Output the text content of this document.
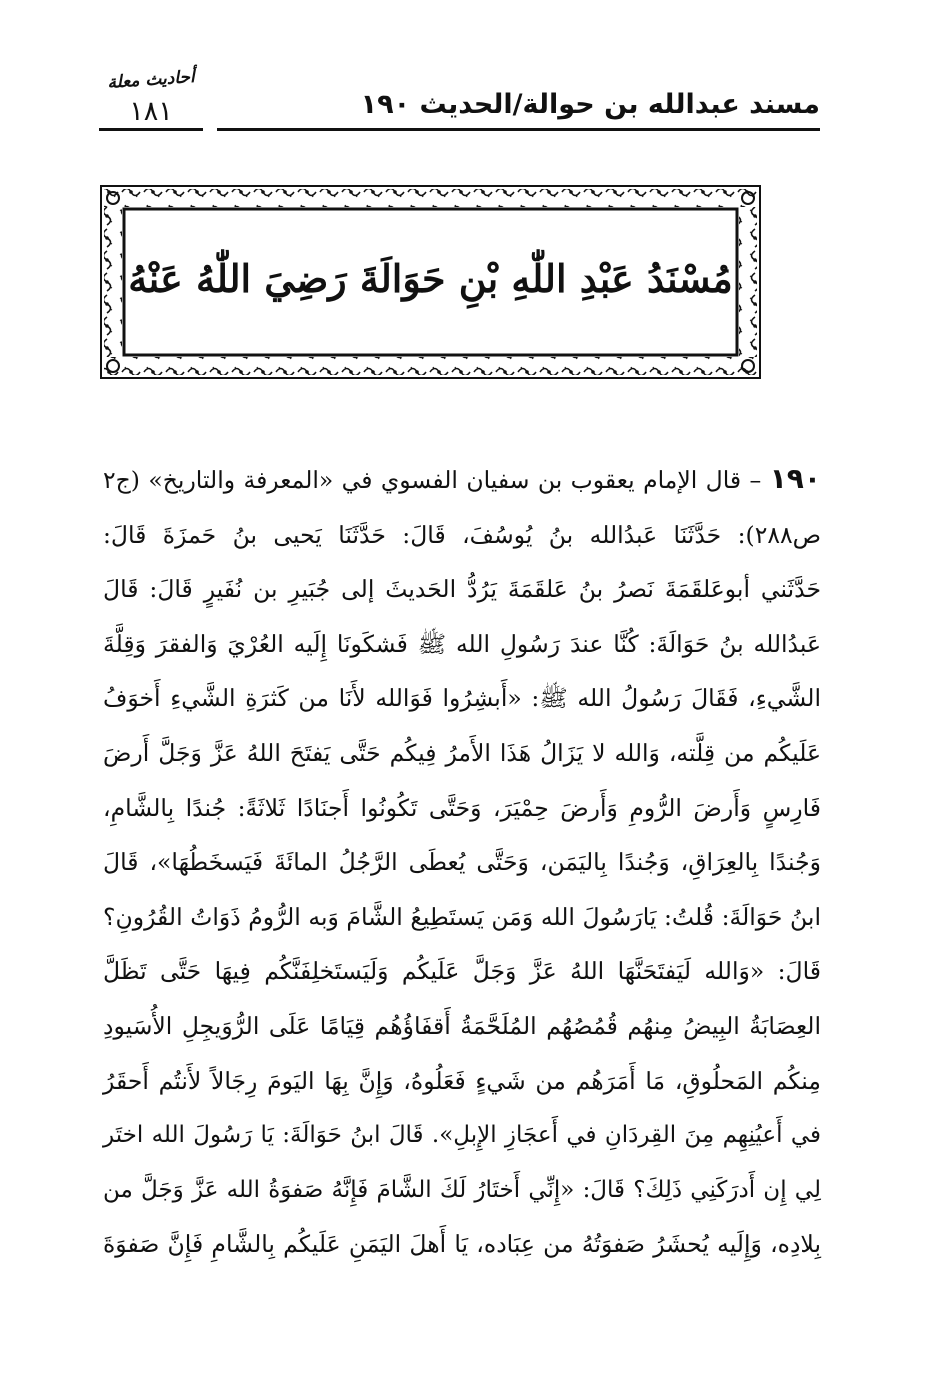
مسند عبدالله بن حوالة/الحديث ١٩٠
أحاديث معلة
١٨١
مُسْنَدُ عَبْدِ اللّٰهِ بْنِ حَوَالَةَ رَضِيَ اللّٰهُ عَنْهُ
١٩٠ – قال الإمام يعقوب بن سفيان الفسوي في «المعرفة والتاريخ» (ج٢
ص٢٨٨): حَدَّثَنَا عَبدُالله بنُ يُوسُفَ، قَالَ: حَدَّثَنَا يَحيى بنُ حَمزَةَ قَالَ:
حَدَّثَني أبوعَلقَمَةَ نَصرُ بنُ عَلقَمَةَ يَرُدُّ الحَديثَ إلى جُبَيرِ بن نُفَيرٍ قَالَ: قَالَ
عَبدُالله بنُ حَوَالَةَ: كُنَّا عندَ رَسُولِ الله ﷺ فَشكَونَا إِلَيه العُرْيَ وَالفقرَ وَقِلَّةَ
الشَّيءِ، فَقَالَ رَسُولُ الله ﷺ: «أَبشِرُوا فَوَالله لأَنَا من كَثرَةِ الشَّيءِ أَخوَفُ
عَلَيكُم من قِلَّته، وَالله لا يَزَالُ هَذَا الأَمرُ فِيكُم حَتَّى يَفتَحَ اللهُ عَزَّ وَجَلَّ أَرضَ
فَارِسٍ وَأَرضَ الرُّومِ وَأَرضَ حِمْيَرَ، وَحَتَّى تَكُونُوا أَجنَادًا ثَلاثَةً: جُندًا بِالشَّامِ،
وَجُندًا بِالعِرَاقِ، وَجُندًا بِاليَمَن، وَحَتَّى يُعطَى الرَّجُلُ المائَةَ فَيَسخَطُهَا»، قَالَ
ابنُ حَوَالَةَ: قُلتُ: يَارَسُولَ الله وَمَن يَستَطِيعُ الشَّامَ وَبه الرُّومُ ذَوَاتُ القُرُونِ؟
قَالَ: «وَالله لَيَفتَحَنَّهَا اللهُ عَزَّ وَجَلَّ عَلَيكُم وَلَيَستَخلِفَنَّكُم فِيهَا حَتَّى تَظَلَّ
العِصَابَةُ البِيضُ مِنهُم قُمُصُهُم المُلَحَّمَةُ أَقفَاؤُهُم قِيَامًا عَلَى الرُّوَيجِلِ الأُسَيودِ
مِنكُم المَحلُوقِ، مَا أَمَرَهُم من شَيءٍ فَعَلُوهُ، وَإِنَّ بِهَا اليَومَ رِجَالاً لأَنتُم أَحقَرُ
في أَعيُنِهِم مِنَ القِردَانِ في أَعجَازِ الإِبلِ». قَالَ ابنُ حَوَالَةَ: يَا رَسُولَ الله اختَر
لِي إِن أَدرَكَنِي ذَلِكَ؟ قَالَ: «إِنِّي أَختَارُ لَكَ الشَّامَ فَإِنَّهُ صَفوَةُ الله عَزَّ وَجَلَّ من
بِلادِه، وَإِلَيه يُحشَرُ صَفوَتُهُ من عِبَاده، يَا أَهلَ اليَمَنِ عَلَيكُم بِالشَّامِ فَإِنَّ صَفوَةَ
